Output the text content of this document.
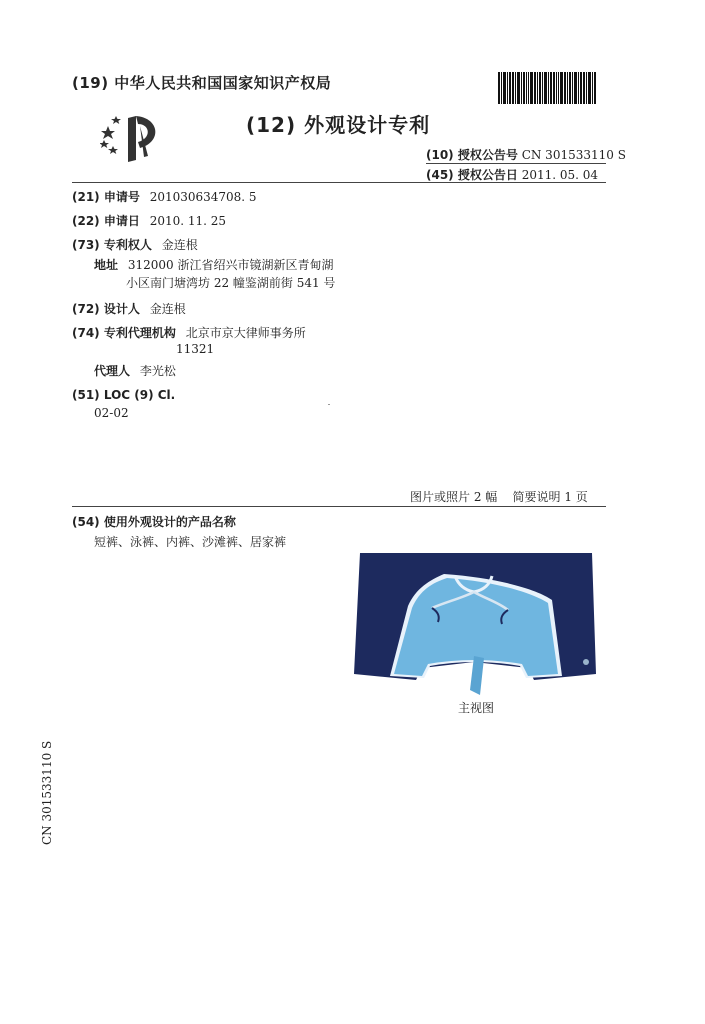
(19) 中华人民共和国国家知识产权局
(12) 外观设计专利
(10) 授权公告号 CN 301533110 S
(45) 授权公告日 2011. 05. 04
(21) 申请号 201030634708. 5
(22) 申请日 2010. 11. 25
(73) 专利权人 金连根
地址 312000 浙江省绍兴市镜湖新区青甸湖
小区南门塘湾坊 22 幢鉴湖前街 541 号
(72) 设计人 金连根
(74) 专利代理机构 北京市京大律师事务所
11321
代理人 李光松
(51) LOC (9) Cl.
02-02
图片或照片 2 幅 简要说明 1 页
(54) 使用外观设计的产品名称
短裤、泳裤、内裤、沙滩裤、居家裤
主视图
CN 301533110 S
